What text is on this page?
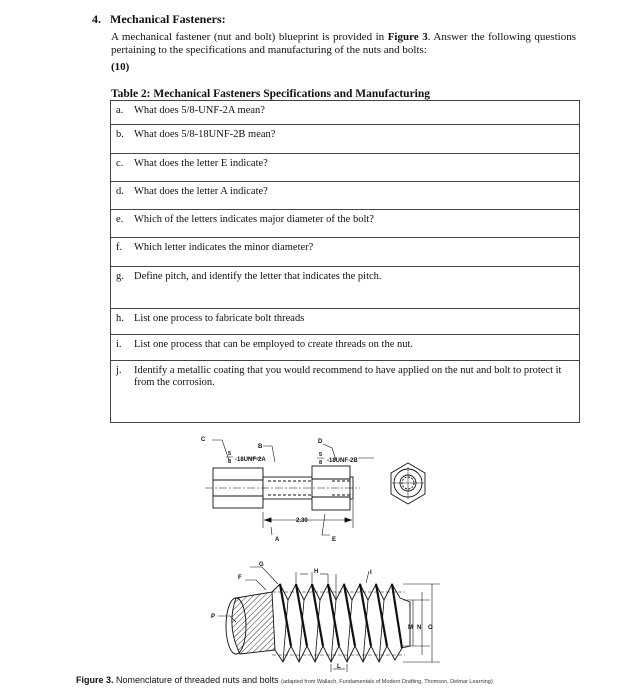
4. Mechanical Fasteners:
A mechanical fastener (nut and bolt) blueprint is provided in Figure 3. Answer the following questions pertaining to the specifications and manufacturing of the nuts and bolts:
(10)
Table 2: Mechanical Fasteners Specifications and Manufacturing
a. What does 5/8-UNF-2A mean?
b. What does 5/8-18UNF-2B mean?
c. What does the letter E indicate?
d. What does the letter A indicate?
e. Which of the letters indicates major diameter of the bolt?
f. Which letter indicates the minor diameter?
g. Define pitch, and identify the letter that indicates the pitch.
h. List one process to fabricate bolt threads
i. List one process that can be employed to create threads on the nut.
j. Identify a metallic coating that you would recommend to have applied on the nut and bolt to protect it from the corrosion.
5
8 -18UNF-2A
5
8 -18UNF-2B
C
B
D
2.30
A	E
G
F
H	I
P
L
M N O
Figure 3. Nomenclature of threaded nuts and bolts (adapted from Wallach, Fundamentals of Modern Drafting, Thomson, Delmar Learning)
